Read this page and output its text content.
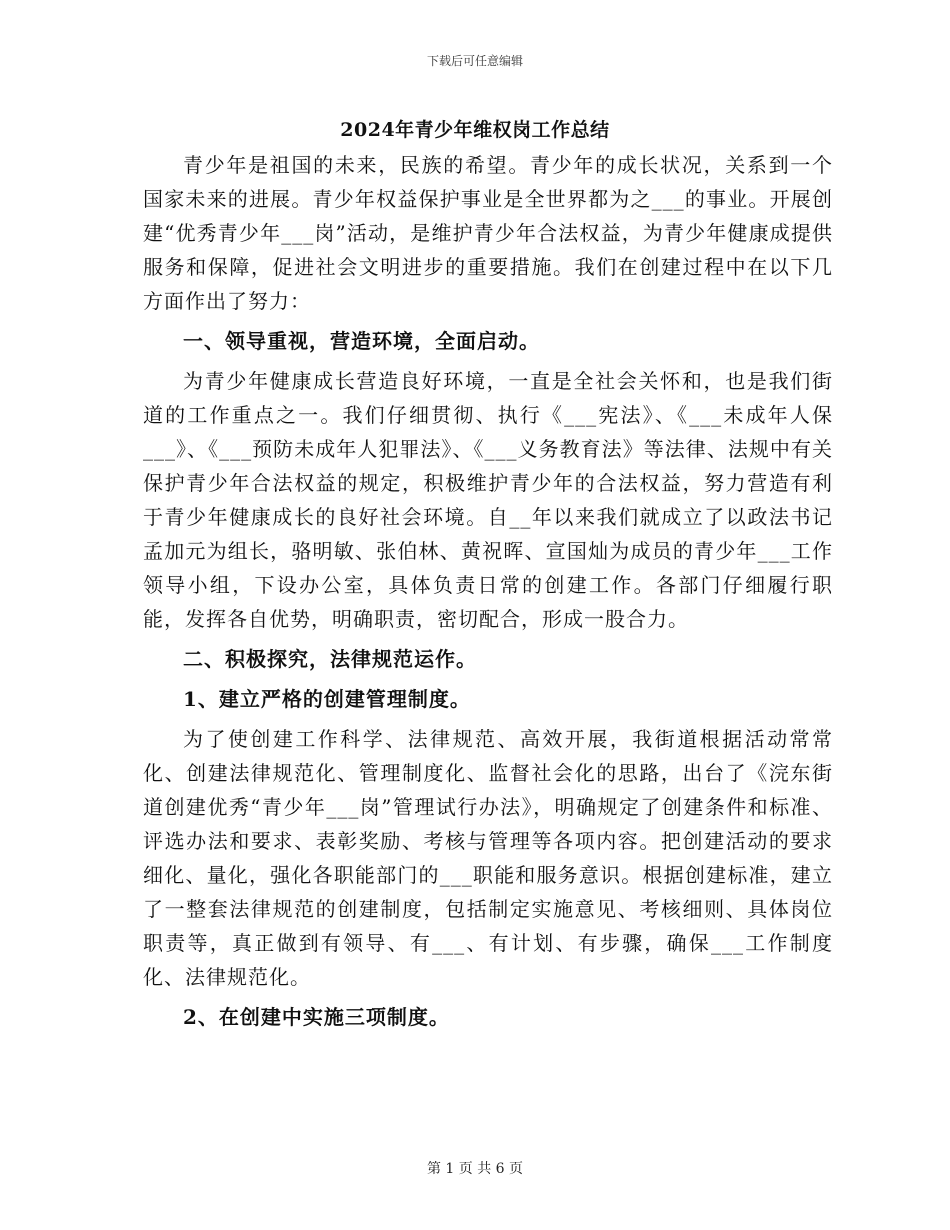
下载后可任意编辑
2024年青少年维权岗工作总结

青少年是祖国的未来，民族的希望。青少年的成长状况，关系到一个国家未来的进展。青少年权益保护事业是全世界都为之___的事业。开展创建“优秀青少年___岗”活动，是维护青少年合法权益，为青少年健康成提供服务和保障，促进社会文明进步的重要措施。我们在创建过程中在以下几方面作出了努力：

一、领导重视，营造环境，全面启动。

为青少年健康成长营造良好环境，一直是全社会关怀和，也是我们街道的工作重点之一。我们仔细贯彻、执行《___宪法》、《___未成年人保___》、《___预防未成年人犯罪法》、《___义务教育法》等法律、法规中有关保护青少年合法权益的规定，积极维护青少年的合法权益，努力营造有利于青少年健康成长的良好社会环境。自__年以来我们就成立了以政法书记孟加元为组长，骆明敏、张伯林、黄祝晖、宣国灿为成员的青少年___工作领导小组，下设办公室，具体负责日常的创建工作。各部门仔细履行职能，发挥各自优势，明确职责，密切配合，形成一股合力。

二、积极探究，法律规范运作。

1、建立严格的创建管理制度。

为了使创建工作科学、法律规范、高效开展，我街道根据活动常常化、创建法律规范化、管理制度化、监督社会化的思路，出台了《浣东街道创建优秀“青少年___岗”管理试行办法》，明确规定了创建条件和标准、评选办法和要求、表彰奖励、考核与管理等各项内容。把创建活动的要求细化、量化，强化各职能部门的___职能和服务意识。根据创建标准，建立了一整套法律规范的创建制度，包括制定实施意见、考核细则、具体岗位职责等，真正做到有领导、有___、有计划、有步骤，确保___工作制度化、法律规范化。

2、在创建中实施三项制度。

第 1 页 共 6 页
